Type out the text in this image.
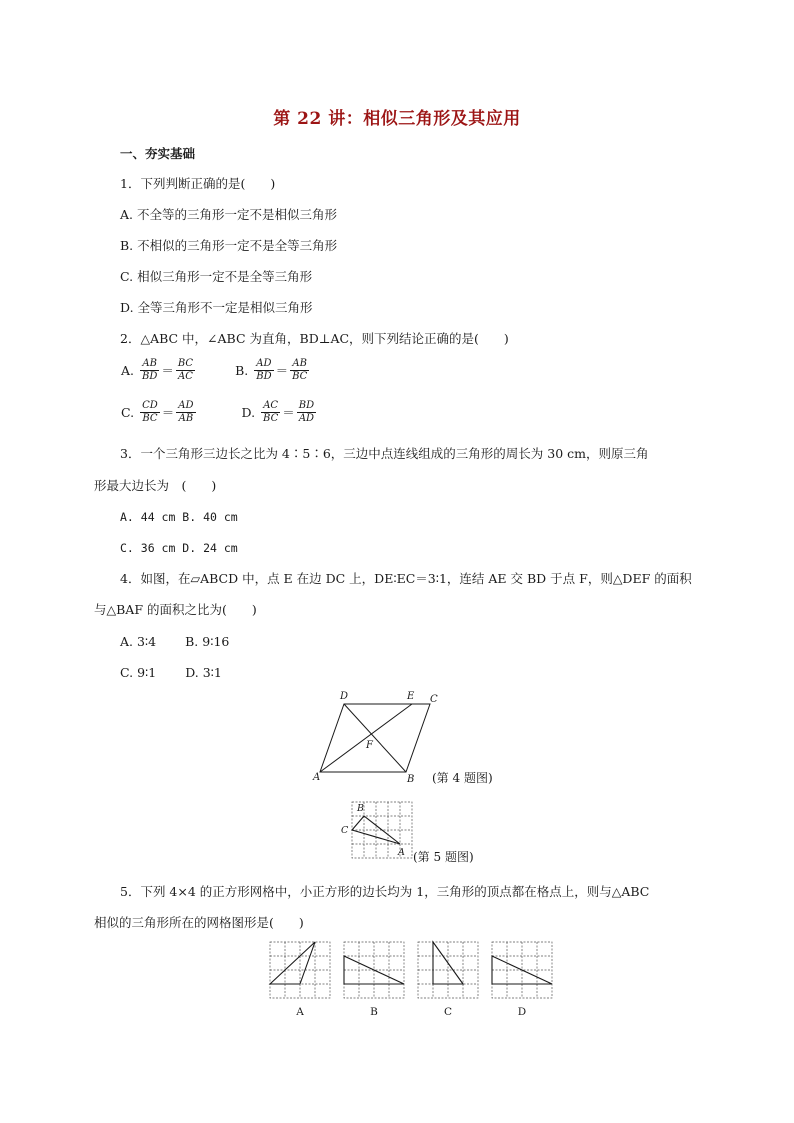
第 22 讲：相似三角形及其应用
一、夯实基础
1．下列判断正确的是(　　)
A. 不全等的三角形一定不是相似三角形
B. 不相似的三角形一定不是全等三角形
C. 相似三角形一定不是全等三角形
D. 全等三角形不一定是相似三角形
2．△ABC 中，∠ABC 为直角，BD⊥AC，则下列结论正确的是(　　)
A. $\frac{AB}{BD} = \frac{BC}{AC}$	B. $\frac{AD}{BD} = \frac{AB}{BC}$
C. $\frac{CD}{BC} = \frac{AD}{AB}$	D. $\frac{AC}{BC} = \frac{BD}{AD}$
3．一个三角形三边长之比为 4∶5∶6，三边中点连线组成的三角形的周长为 30 cm，则原三角
形最大边长为　(　　)
A. 44 cm B. 40 cm
C. 36 cm D. 24 cm
4．如图，在▱ABCD 中，点 E 在边 DC 上，DE∶EC＝3∶1，连结 AE 交 BD 于点 F，则△DEF 的面积
与△BAF 的面积之比为(　　)
A. 3∶4　　 B. 9∶16
C. 9∶1　　 D. 3∶1
D	E C
F
A	B (第 4 题图)
B
C
A (第 5 题图)
5．下列 4×4 的正方形网格中，小正方形的边长均为 1，三角形的顶点都在格点上，则与△ABC
相似的三角形所在的网格图形是(　　)
A	B	C	D
